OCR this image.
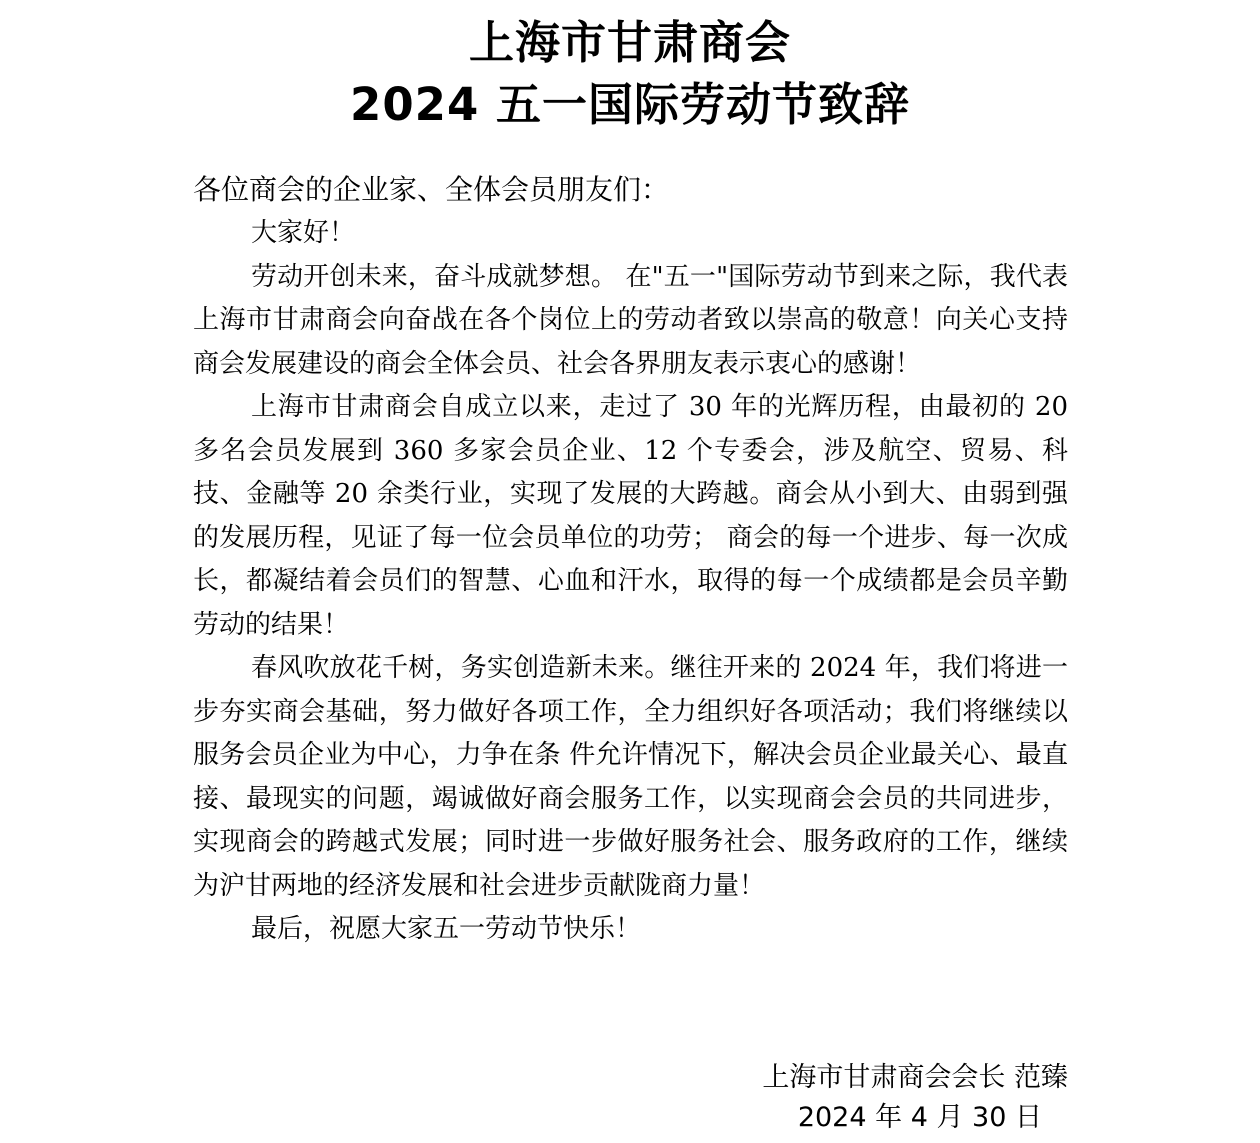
上海市甘肃商会
2024 五一国际劳动节致辞

各位商会的企业家、全体会员朋友们：

大家好！

劳动开创未来，奋斗成就梦想。 在"五一"国际劳动节到来之际，我代表上海市甘肃商会向奋战在各个岗位上的劳动者致以崇高的敬意！向关心支持商会发展建设的商会全体会员、社会各界朋友表示衷心的感谢！

上海市甘肃商会自成立以来，走过了 30 年的光辉历程，由最初的 20 多名会员发展到 360 多家会员企业、12 个专委会，涉及航空、贸易、科技、金融等 20 余类行业，实现了发展的大跨越。商会从小到大、由弱到强的发展历程，见证了每一位会员单位的功劳； 商会的每一个进步、每一次成长，都凝结着会员们的智慧、心血和汗水，取得的每一个成绩都是会员辛勤劳动的结果！

春风吹放花千树，务实创造新未来。继往开来的 2024 年，我们将进一步夯实商会基础，努力做好各项工作，全力组织好各项活动；我们将继续以服务会员企业为中心，力争在条 件允许情况下，解决会员企业最关心、最直接、最现实的问题，竭诚做好商会服务工作，以实现商会会员的共同进步，实现商会的跨越式发展；同时进一步做好服务社会、服务政府的工作，继续为沪甘两地的经济发展和社会进步贡献陇商力量！

最后，祝愿大家五一劳动节快乐！

上海市甘肃商会会长 范臻

2024 年 4 月 30 日
